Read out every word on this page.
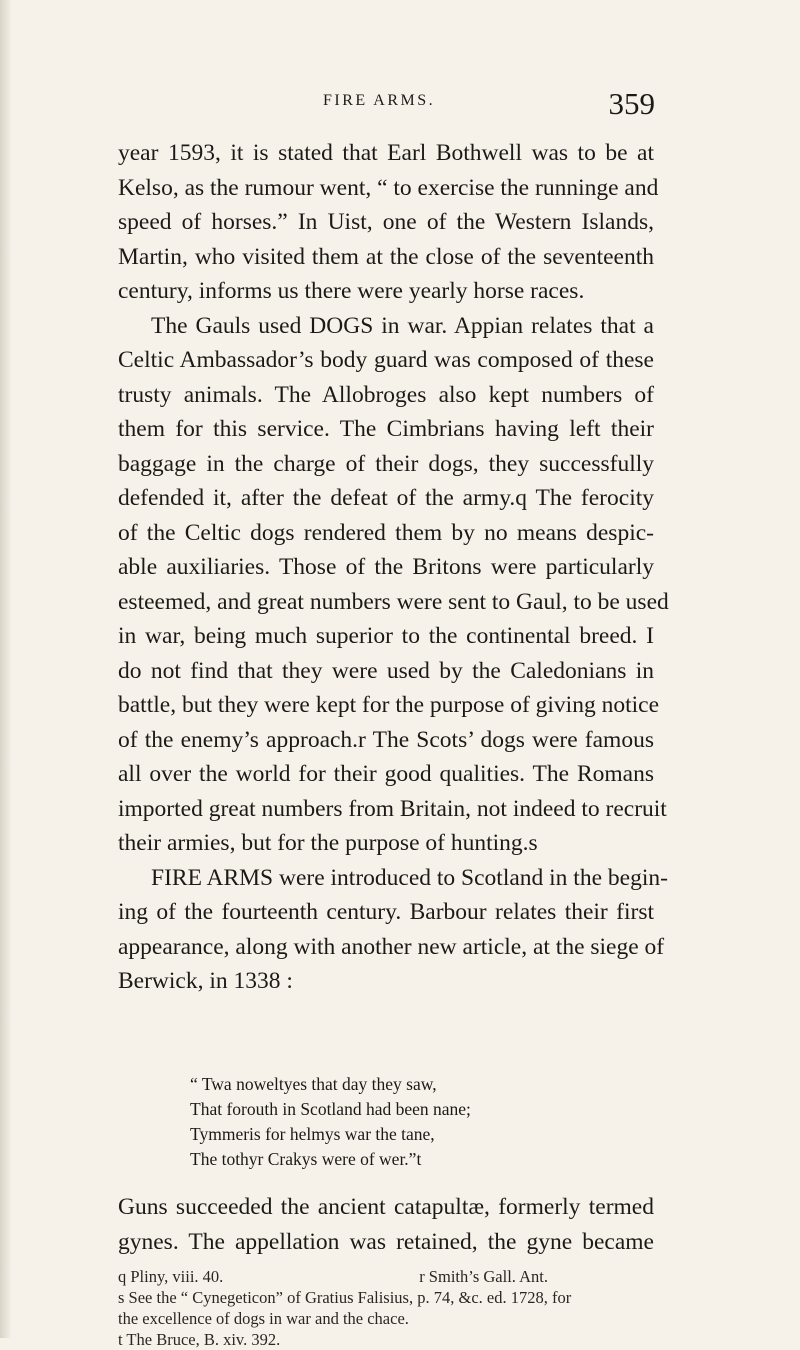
FIRE ARMS.	359
year 1593, it is stated that Earl Bothwell was to be at
Kelso, as the rumour went, “ to exercise the runninge and
speed of horses.” In Uist, one of the Western Islands,
Martin, who visited them at the close of the seventeenth
century, informs us there were yearly horse races.
The Gauls used DOGS in war. Appian relates that a
Celtic Ambassador’s body guard was composed of these
trusty animals. The Allobroges also kept numbers of
them for this service. The Cimbrians having left their
baggage in the charge of their dogs, they successfully
defended it, after the defeat of the army.q The ferocity
of the Celtic dogs rendered them by no means despic-
able auxiliaries. Those of the Britons were particularly
esteemed, and great numbers were sent to Gaul, to be used
in war, being much superior to the continental breed. I
do not find that they were used by the Caledonians in
battle, but they were kept for the purpose of giving notice
of the enemy’s approach.r The Scots’ dogs were famous
all over the world for their good qualities. The Romans
imported great numbers from Britain, not indeed to recruit
their armies, but for the purpose of hunting.s
FIRE ARMS were introduced to Scotland in the begin-
ing of the fourteenth century. Barbour relates their first
appearance, along with another new article, at the siege of
Berwick, in 1338 :
“ Twa noweltyes that day they saw,
That forouth in Scotland had been nane;
Tymmeris for helmys war the tane,
The tothyr Crakys were of wer.”t
Guns succeeded the ancient catapultæ, formerly termed
gynes. The appellation was retained, the gyne became
q Pliny, viii. 40.	r Smith’s Gall. Ant.
s See the “ Cynegeticon” of Gratius Falisius, p. 74, &c. ed. 1728, for
the excellence of dogs in war and the chace.
t The Bruce, B. xiv. 392.
